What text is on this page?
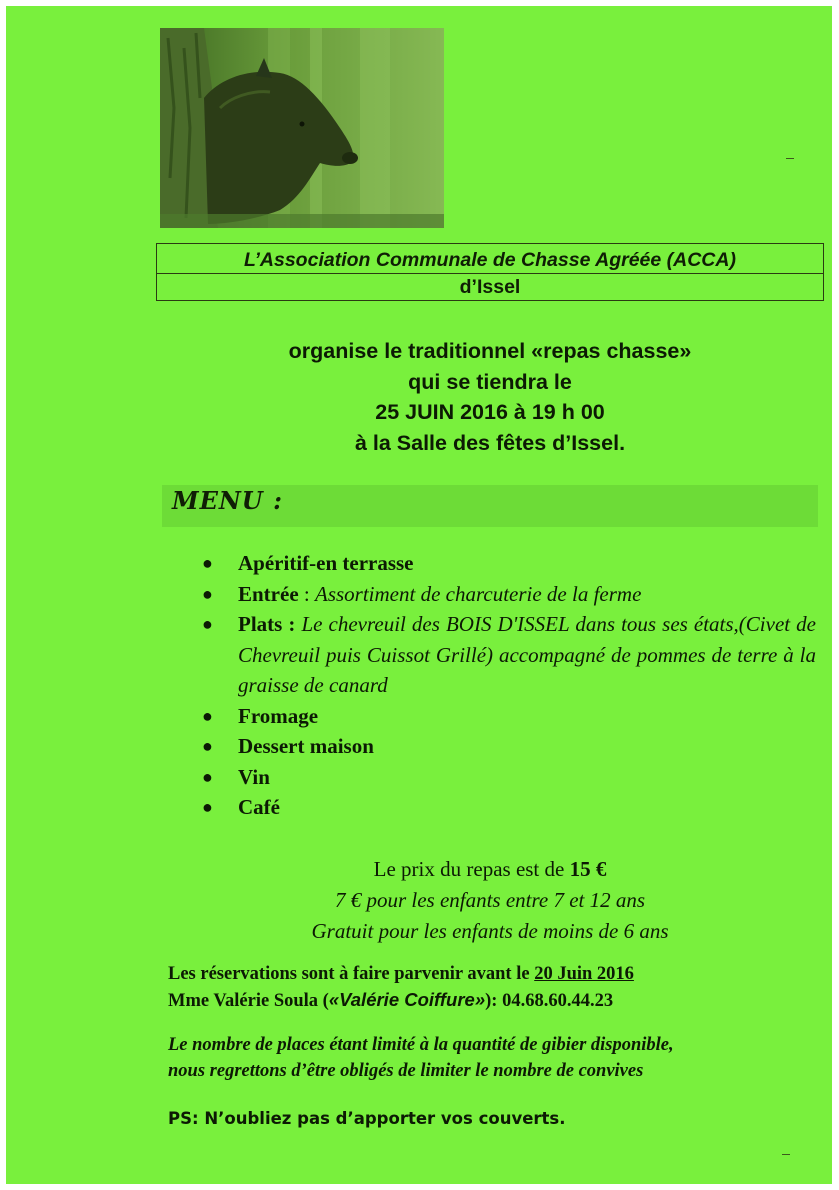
L’Association Communale de Chasse Agréée (ACCA)
d’Issel
organise le traditionnel «repas chasse»
qui se tiendra le
25 JUIN 2016 à 19 h 00
à la Salle des fêtes d’Issel.
MENU :
● Apéritif-en terrasse
● Entrée : Assortiment de charcuterie de la ferme
● Plats : Le chevreuil des BOIS D'ISSEL dans tous ses états,(Civet de Chevreuil puis Cuissot Grillé) accompagné de pommes de terre à la graisse de canard
● Fromage
● Dessert maison
● Vin
● Café
Le prix du repas est de 15 €
7 € pour les enfants entre 7 et 12 ans
Gratuit pour les enfants de moins de 6 ans
Les réservations sont à faire parvenir avant le 20 Juin 2016
Mme Valérie Soula («Valérie Coiffure»): 04.68.60.44.23
Le nombre de places étant limité à la quantité de gibier disponible,
nous regrettons d’être obligés de limiter le nombre de convives
PS: N’oubliez pas d’apporter vos couverts.
